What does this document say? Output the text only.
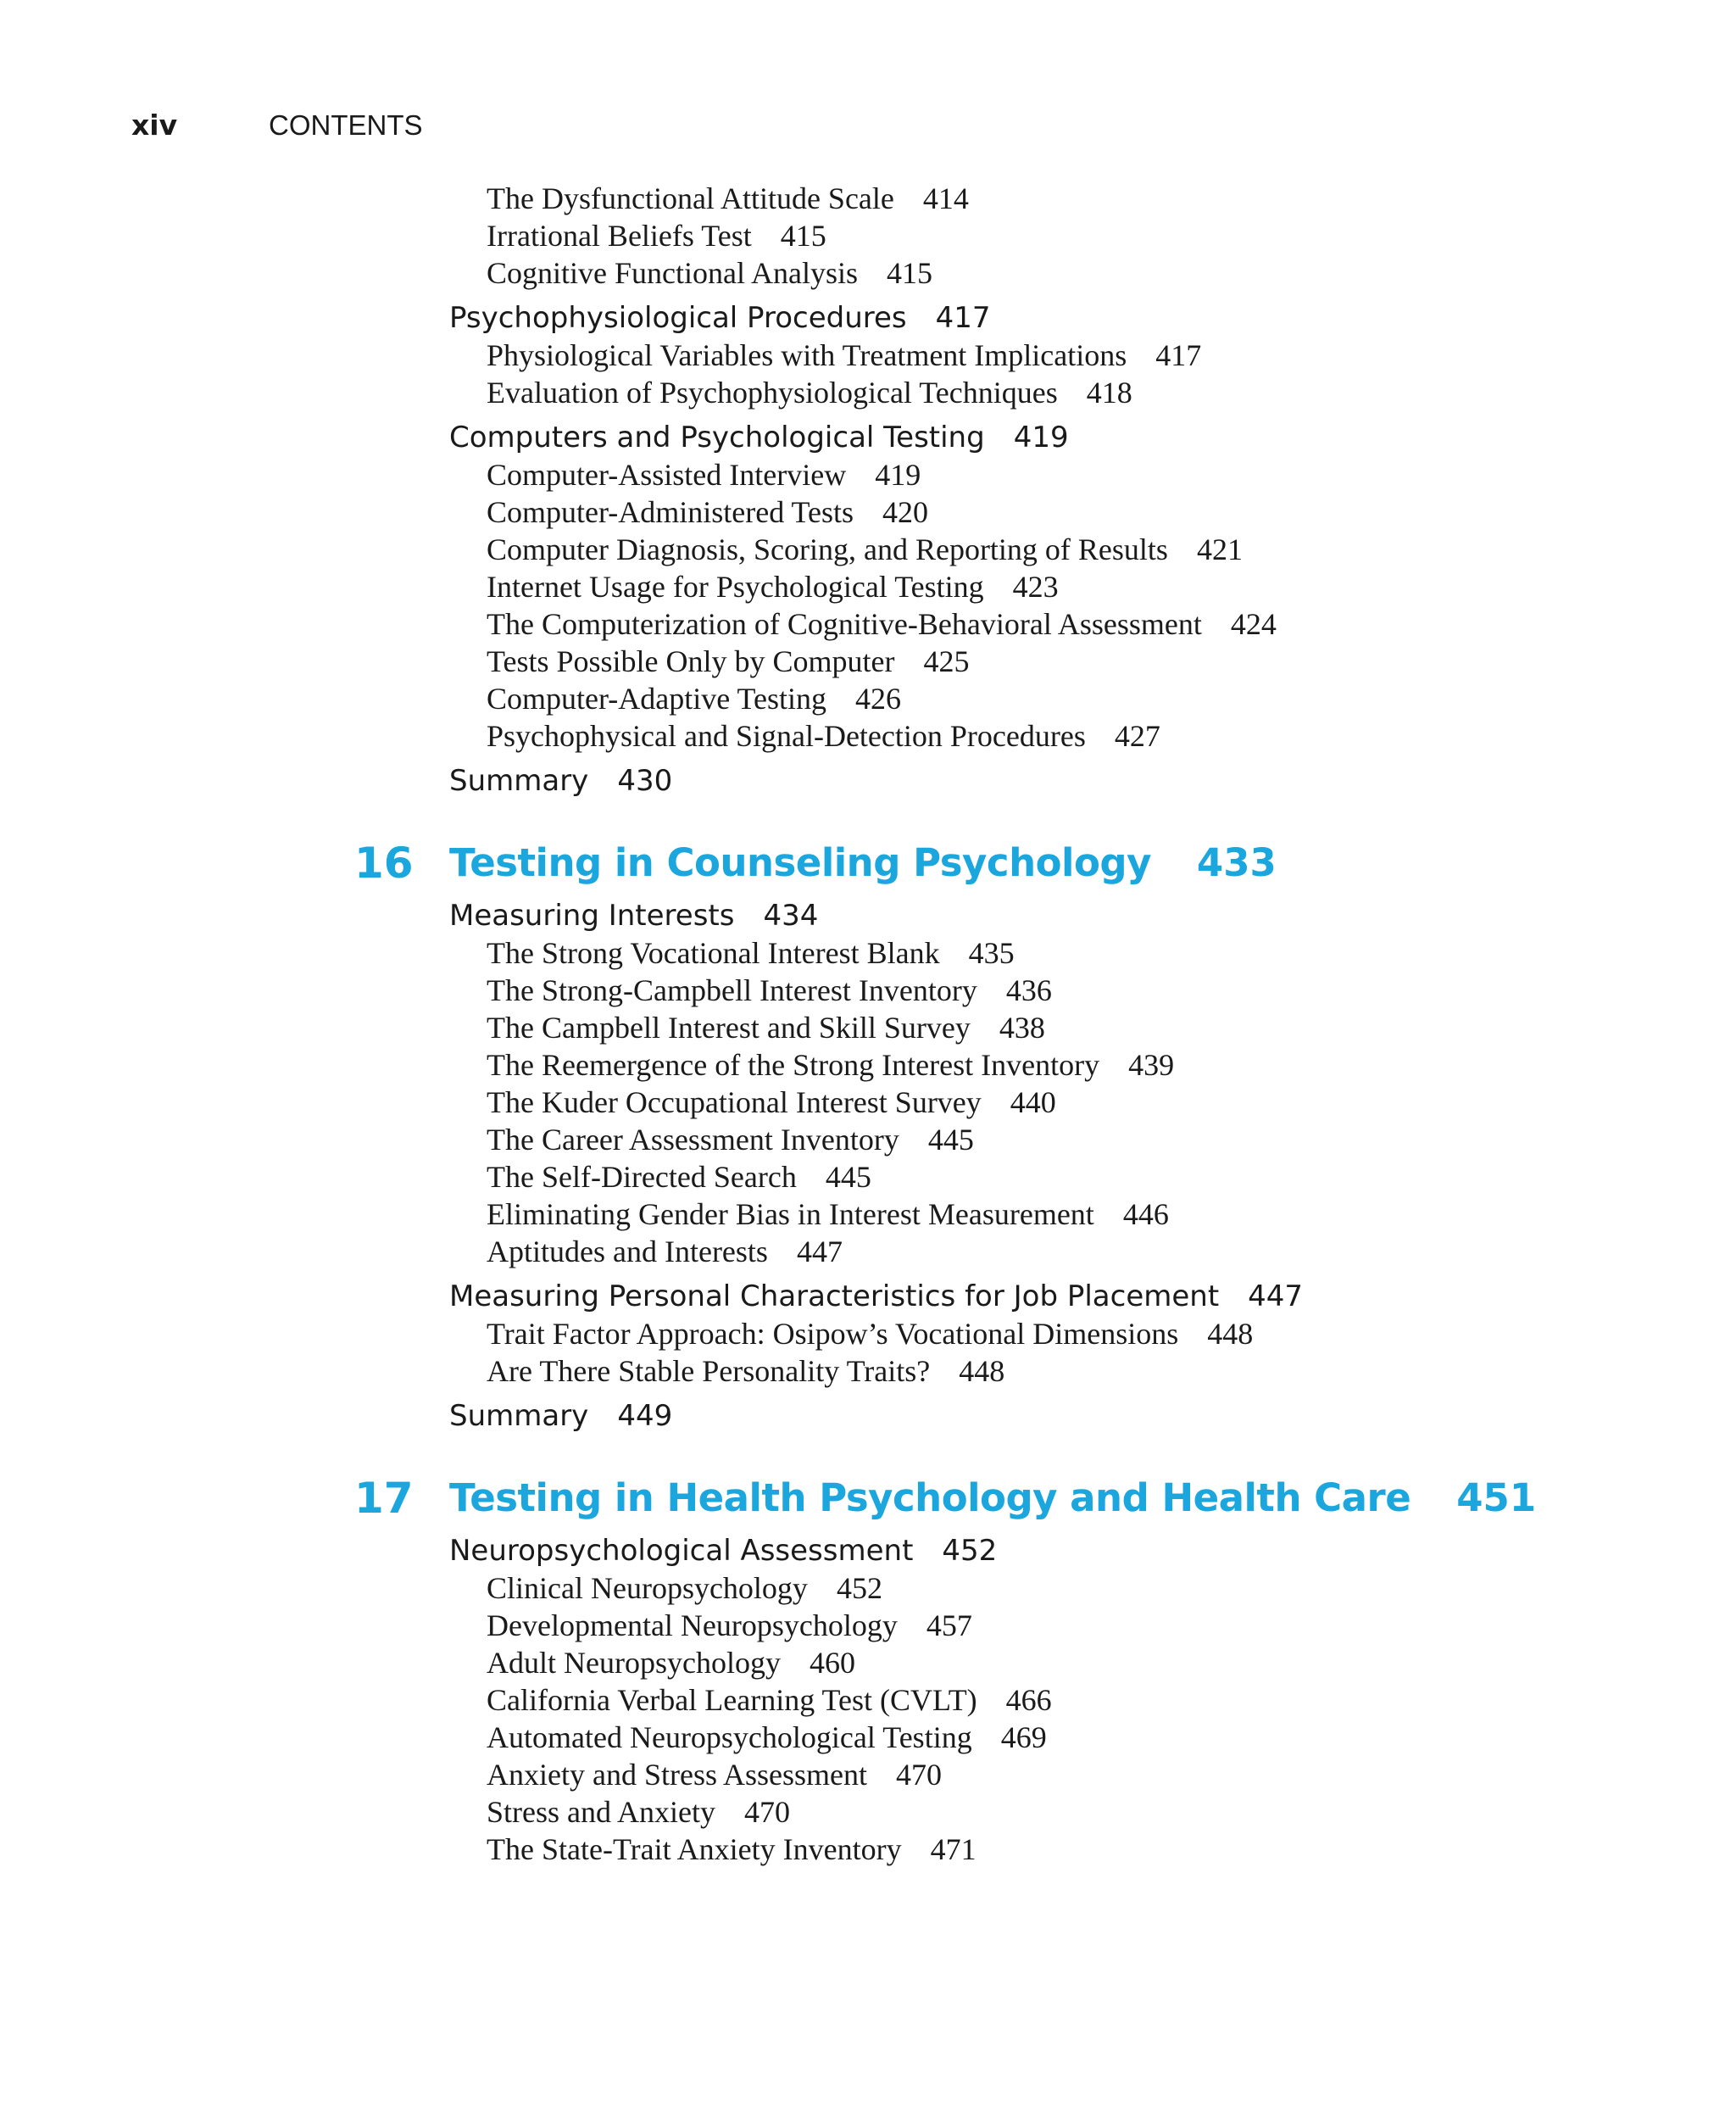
xiv	CONTENTS
The Dysfunctional Attitude Scale 414
Irrational Beliefs Test 415
Cognitive Functional Analysis 415
Psychophysiological Procedures 417
Physiological Variables with Treatment Implications 417
Evaluation of Psychophysiological Techniques 418
Computers and Psychological Testing 419
Computer-Assisted Interview 419
Computer-Administered Tests 420
Computer Diagnosis, Scoring, and Reporting of Results 421
Internet Usage for Psychological Testing 423
The Computerization of Cognitive-Behavioral Assessment 424
Tests Possible Only by Computer 425
Computer-Adaptive Testing 426
Psychophysical and Signal-Detection Procedures 427
Summary 430
16 Testing in Counseling Psychology 433
Measuring Interests 434
The Strong Vocational Interest Blank 435
The Strong-Campbell Interest Inventory 436
The Campbell Interest and Skill Survey 438
The Reemergence of the Strong Interest Inventory 439
The Kuder Occupational Interest Survey 440
The Career Assessment Inventory 445
The Self-Directed Search 445
Eliminating Gender Bias in Interest Measurement 446
Aptitudes and Interests 447
Measuring Personal Characteristics for Job Placement 447
Trait Factor Approach: Osipow’s Vocational Dimensions 448
Are There Stable Personality Traits? 448
Summary 449
17 Testing in Health Psychology and Health Care 451
Neuropsychological Assessment 452
Clinical Neuropsychology 452
Developmental Neuropsychology 457
Adult Neuropsychology 460
California Verbal Learning Test (CVLT) 466
Automated Neuropsychological Testing 469
Anxiety and Stress Assessment 470
Stress and Anxiety 470
The State-Trait Anxiety Inventory 471
